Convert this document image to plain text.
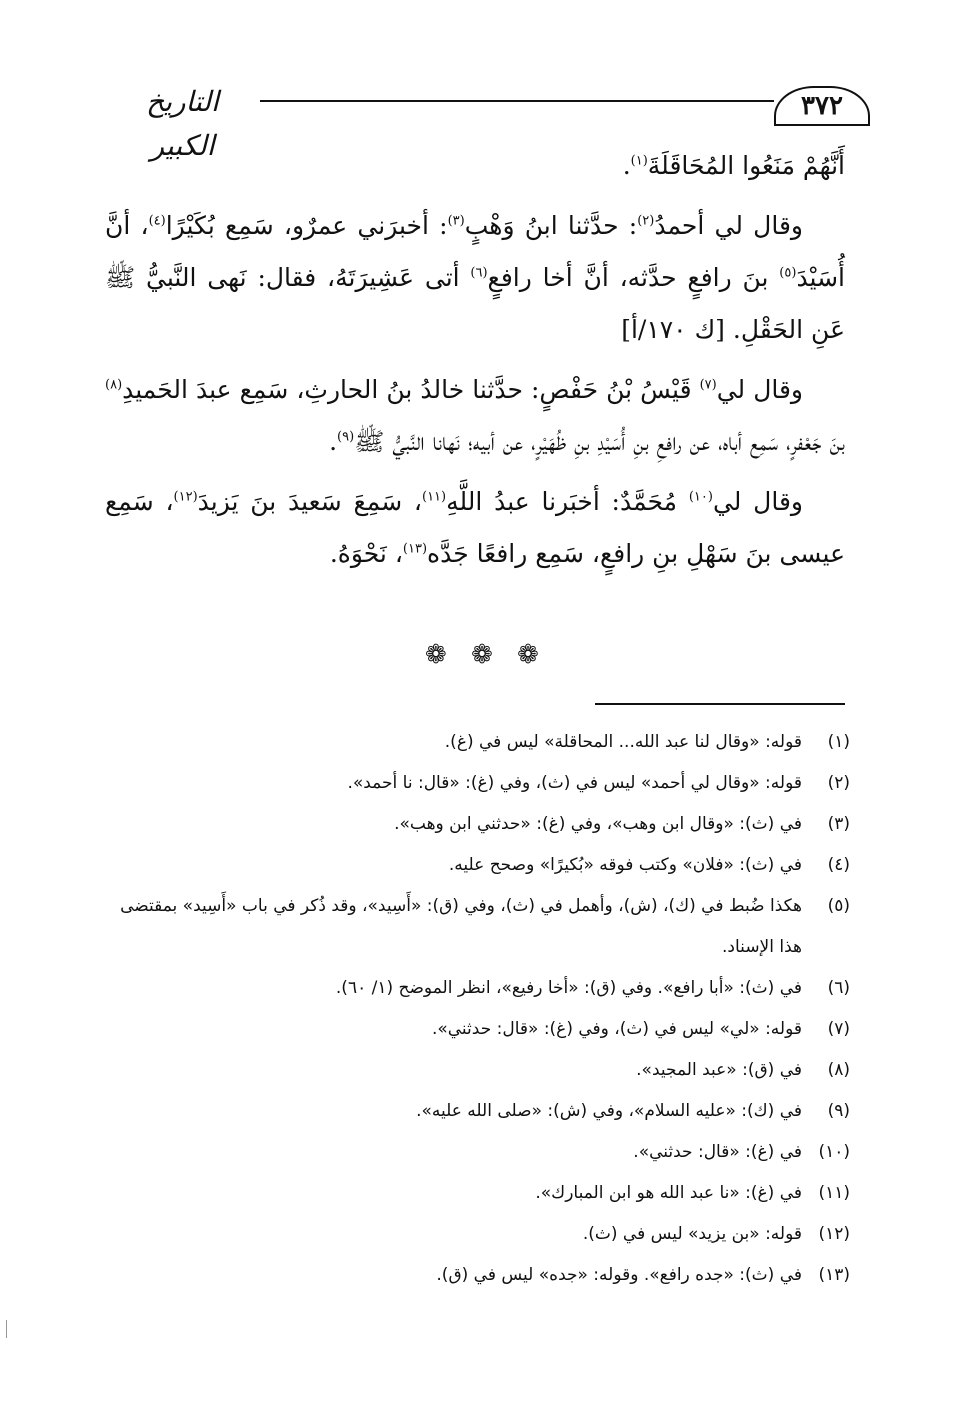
٣٧٢
التاريخ الكبير

أَنَّهُمْ مَنَعُوا المُحَاقَلَةَ$^{(١)}$.

وقال لي أحمدُ$^{(٢)}$: حدَّثنا ابنُ وَهْبٍ$^{(٣)}$: أخبرَني عمرٌو، سَمِع بُكَيْرًا$^{(٤)}$، أنَّ أُسَيْدَ$^{(٥)}$ بنَ رافعٍ حدَّثه، أنَّ أخا رافعٍ$^{(٦)}$ أتى عَشِيرَتَهُ، فقال: نَهى النَّبيُّ ﷺ عَنِ الحَقْلِ. [ك ١٧٠/أ]

وقال لي$^{(٧)}$ قَيْسُ بْنُ حَفْصٍ: حدَّثنا خالدُ بنُ الحارثِ، سَمِع عبدَ الحَميدِ$^{(٨)}$ بنَ جَعْفرٍ، سَمِع أباه، عن رافعِ بنِ أُسَيْدِ بنِ ظُهَيْرٍ، عن أبيه؛ نَهانا النَّبيُّ ﷺ$^{(٩)}$.

وقال لي$^{(١٠)}$ مُحَمَّدٌ: أخبَرنا عبدُ اللَّهِ$^{(١١)}$، سَمِعَ سَعيدَ بنَ يَزيدَ$^{(١٢)}$، سَمِع عيسى بنَ سَهْلِ بنِ رافعٍ، سَمِع رافعًا جَدَّه$^{(١٣)}$، نَحْوَهُ.

❁ ❁ ❁
(١)
قوله: «وقال لنا عبد الله... المحاقلة» ليس في (غ).
(٢)
قوله: «وقال لي أحمد» ليس في (ث)، وفي (غ): «قال: نا أحمد».
(٣)
في (ث): «وقال ابن وهب»، وفي (غ): «حدثني ابن وهب».
(٤)
في (ث): «فلان» وكتب فوقه «بُكيرًا» وصحح عليه.
(٥)
هكذا ضُبط في (ك)، (ش)، وأهمل في (ث)، وفي (ق): «أَسِيد»، وقد ذُكر في باب «أَسِيد» بمقتضى هذا الإسناد.
(٦)
في (ث): «أبا رافع». وفي (ق): «أخا رفيع»، انظر الموضح (١/ ٦٠).
(٧)
قوله: «لي» ليس في (ث)، وفي (غ): «قال: حدثني».
(٨)
في (ق): «عبد المجيد».
(٩)
في (ك): «عليه السلام»، وفي (ش): «صلى الله عليه».
(١٠)
في (غ): «قال: حدثني».
(١١)
في (غ): «نا عبد الله هو ابن المبارك».
(١٢)
قوله: «بن يزيد» ليس في (ث).
(١٣)
في (ث): «جده رافع». وقوله: «جده» ليس في (ق).
